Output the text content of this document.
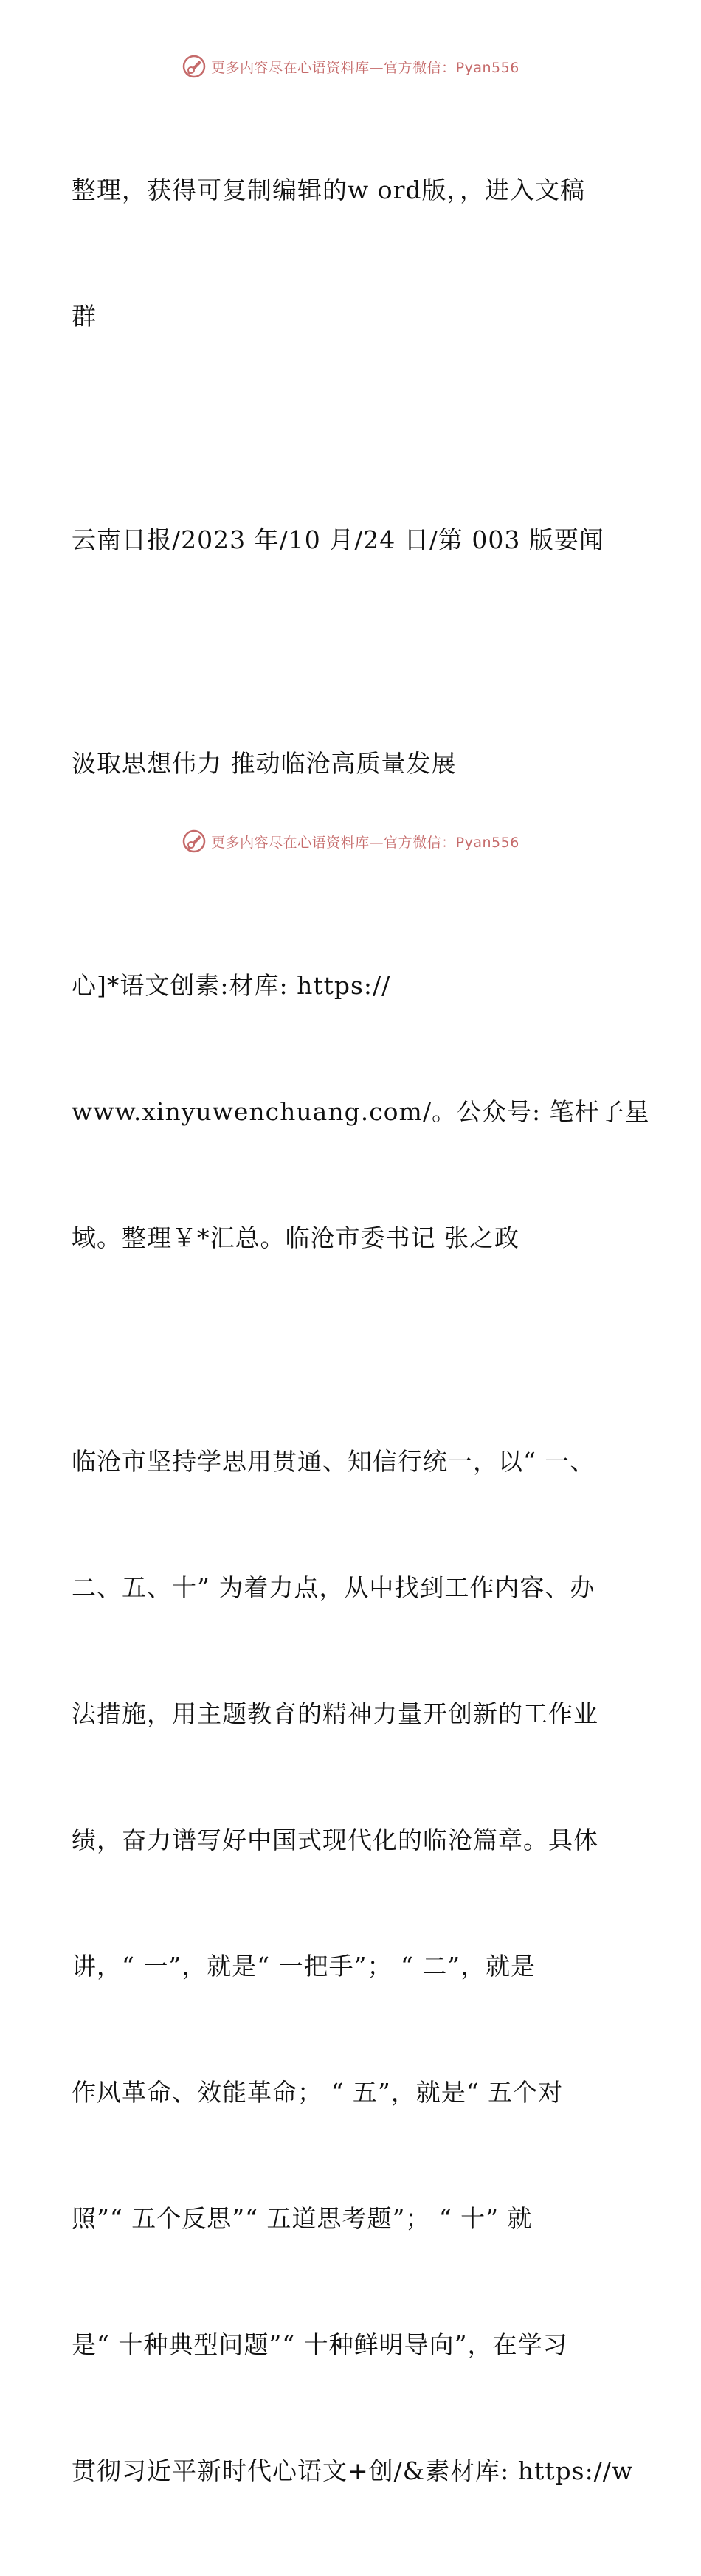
更多内容尽在心语资料库—官方微信：Pyan556

整理，获得可复制编辑的w ord版，，进入文稿

群

云南日报/2023 年/10 月/24 日/第 003 版要闻

汲取思想伟力 推动临沧高质量发展

心]*语文创素:材库: https://

www.xinyuwenchuang.com/。公众号: 笔杆子星

域。整理￥*汇总。临沧市委书记 张之政

临沧市坚持学思用贯通、知信行统一，以“ 一、

二、五、十” 为着力点，从中找到工作内容、办

法措施，用主题教育的精神力量开创新的工作业

绩，奋力谱写好中国式现代化的临沧篇章。具体

讲，“ 一”，就是“ 一把手”； “ 二”，就是

作风革命、效能革命； “ 五”，就是“ 五个对

照”“ 五个反思”“ 五道思考题”； “ 十” 就

是“ 十种典型问题”“ 十种鲜明导向”，在学习

贯彻习近平新时代心语文+创/&素材库: https://w

更多内容尽在心语资料库—官方微信：Pyan556
